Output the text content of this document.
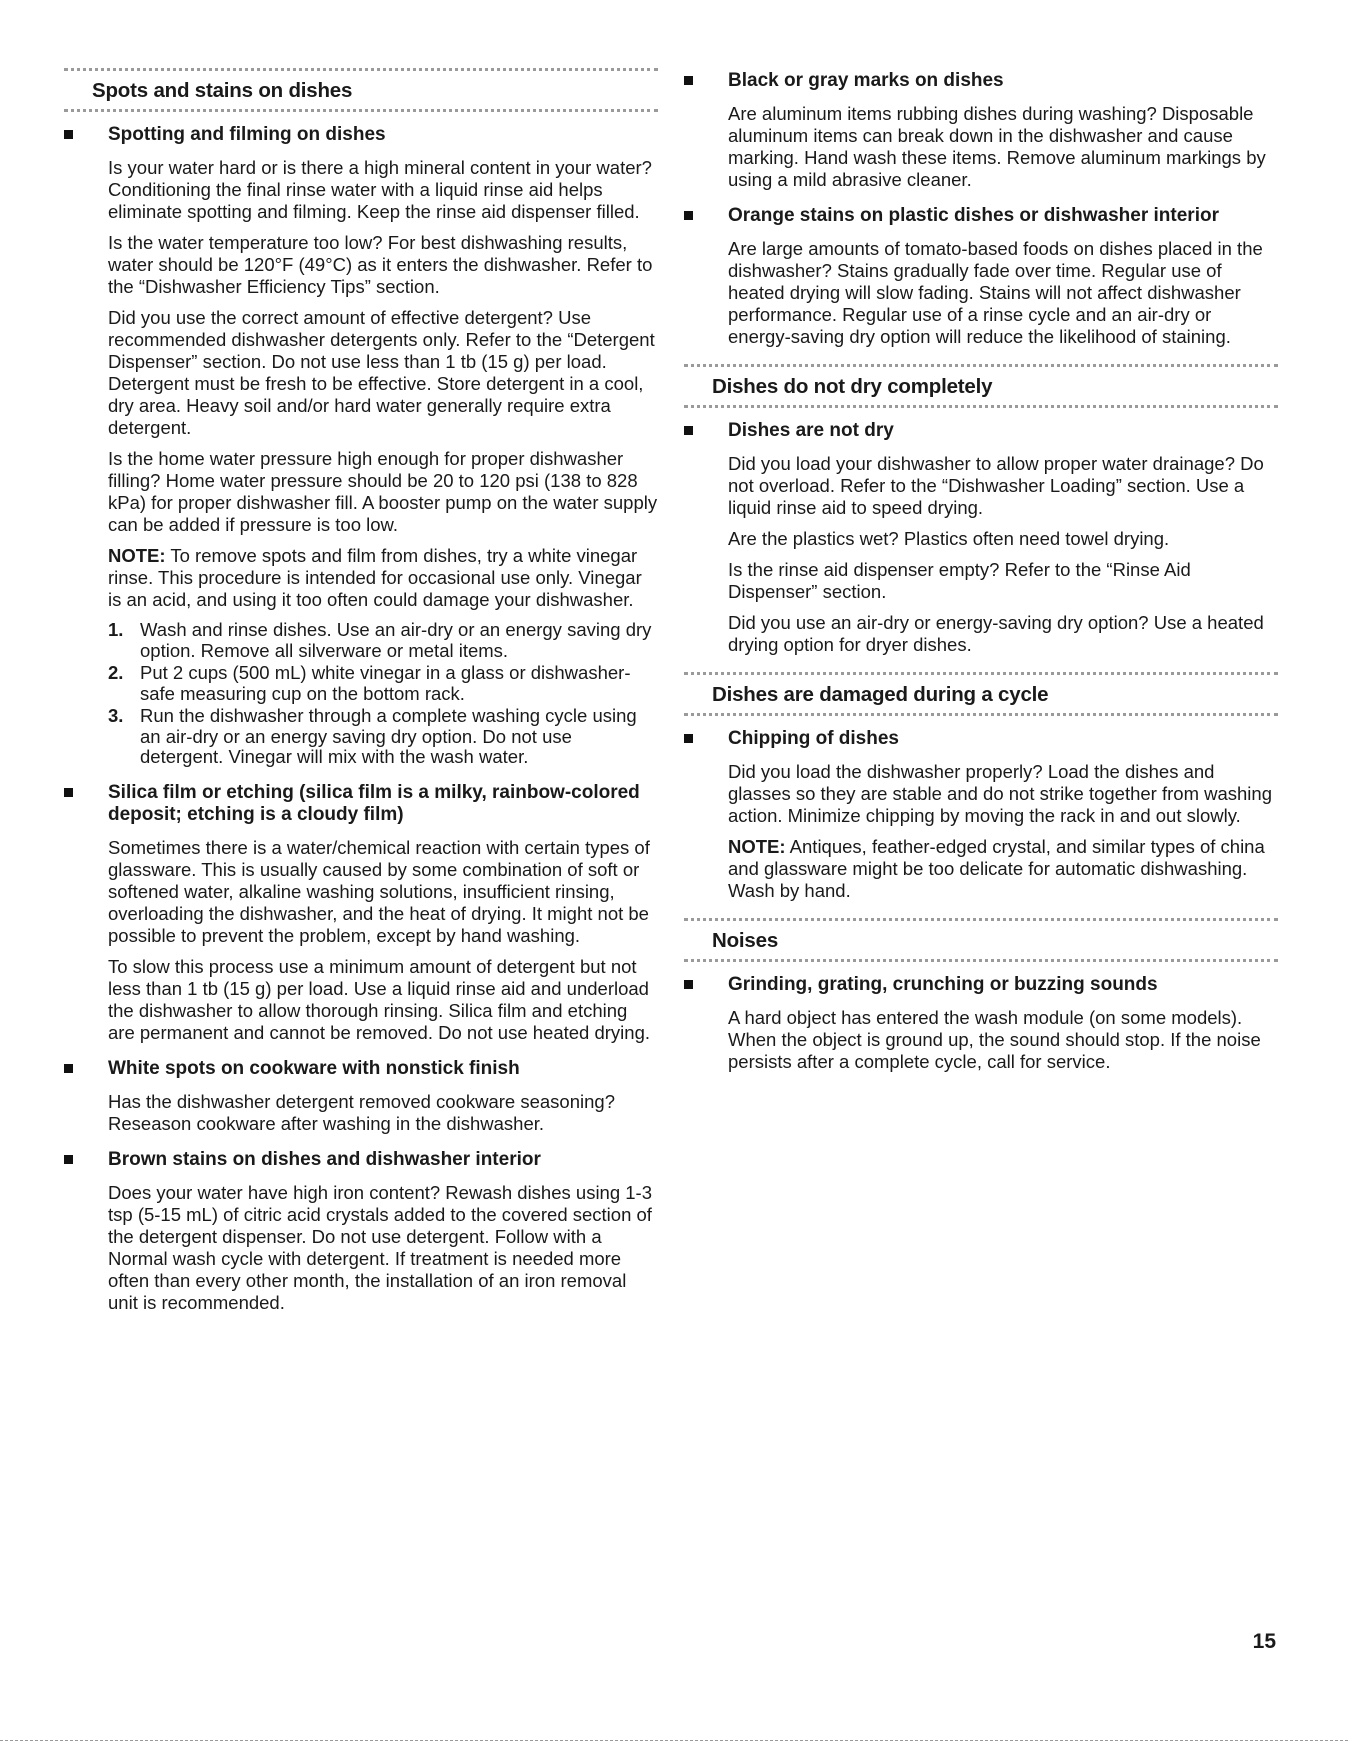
Spots and stains on dishes
Spotting and filming on dishes

Is your water hard or is there a high mineral content in your water? Conditioning the final rinse water with a liquid rinse aid helps eliminate spotting and filming. Keep the rinse aid dispenser filled.

Is the water temperature too low? For best dishwashing results, water should be 120°F (49°C) as it enters the dishwasher. Refer to the “Dishwasher Efficiency Tips” section.

Did you use the correct amount of effective detergent? Use recommended dishwasher detergents only. Refer to the “Detergent Dispenser” section. Do not use less than 1 tb (15 g) per load. Detergent must be fresh to be effective. Store detergent in a cool, dry area. Heavy soil and/or hard water generally require extra detergent.

Is the home water pressure high enough for proper dishwasher filling? Home water pressure should be 20 to 120 psi (138 to 828 kPa) for proper dishwasher fill. A booster pump on the water supply can be added if pressure is too low.

NOTE: To remove spots and film from dishes, try a white vinegar rinse. This procedure is intended for occasional use only. Vinegar is an acid, and using it too often could damage your dishwasher.

1. Wash and rinse dishes. Use an air-dry or an energy saving dry option. Remove all silverware or metal items.
2. Put 2 cups (500 mL) white vinegar in a glass or dishwasher-safe measuring cup on the bottom rack.
3. Run the dishwasher through a complete washing cycle using an air-dry or an energy saving dry option. Do not use detergent. Vinegar will mix with the wash water.
Silica film or etching (silica film is a milky, rainbow-colored deposit; etching is a cloudy film)

Sometimes there is a water/chemical reaction with certain types of glassware. This is usually caused by some combination of soft or softened water, alkaline washing solutions, insufficient rinsing, overloading the dishwasher, and the heat of drying. It might not be possible to prevent the problem, except by hand washing.

To slow this process use a minimum amount of detergent but not less than 1 tb (15 g) per load. Use a liquid rinse aid and underload the dishwasher to allow thorough rinsing. Silica film and etching are permanent and cannot be removed. Do not use heated drying.

White spots on cookware with nonstick finish

Has the dishwasher detergent removed cookware seasoning? Reseason cookware after washing in the dishwasher.

Brown stains on dishes and dishwasher interior

Does your water have high iron content? Rewash dishes using 1-3 tsp (5-15 mL) of citric acid crystals added to the covered section of the detergent dispenser. Do not use detergent. Follow with a Normal wash cycle with detergent. If treatment is needed more often than every other month, the installation of an iron removal unit is recommended.

Black or gray marks on dishes

Are aluminum items rubbing dishes during washing? Disposable aluminum items can break down in the dishwasher and cause marking. Hand wash these items. Remove aluminum markings by using a mild abrasive cleaner.

Orange stains on plastic dishes or dishwasher interior

Are large amounts of tomato-based foods on dishes placed in the dishwasher? Stains gradually fade over time. Regular use of heated drying will slow fading. Stains will not affect dishwasher performance. Regular use of a rinse cycle and an air-dry or energy-saving dry option will reduce the likelihood of staining.

Dishes do not dry completely
Dishes are not dry

Did you load your dishwasher to allow proper water drainage? Do not overload. Refer to the “Dishwasher Loading” section. Use a liquid rinse aid to speed drying.

Are the plastics wet? Plastics often need towel drying.

Is the rinse aid dispenser empty? Refer to the “Rinse Aid Dispenser” section.

Did you use an air-dry or energy-saving dry option? Use a heated drying option for dryer dishes.

Dishes are damaged during a cycle
Chipping of dishes

Did you load the dishwasher properly? Load the dishes and glasses so they are stable and do not strike together from washing action. Minimize chipping by moving the rack in and out slowly.

NOTE: Antiques, feather-edged crystal, and similar types of china and glassware might be too delicate for automatic dishwashing. Wash by hand.

Noises
Grinding, grating, crunching or buzzing sounds

A hard object has entered the wash module (on some models). When the object is ground up, the sound should stop. If the noise persists after a complete cycle, call for service.

15
